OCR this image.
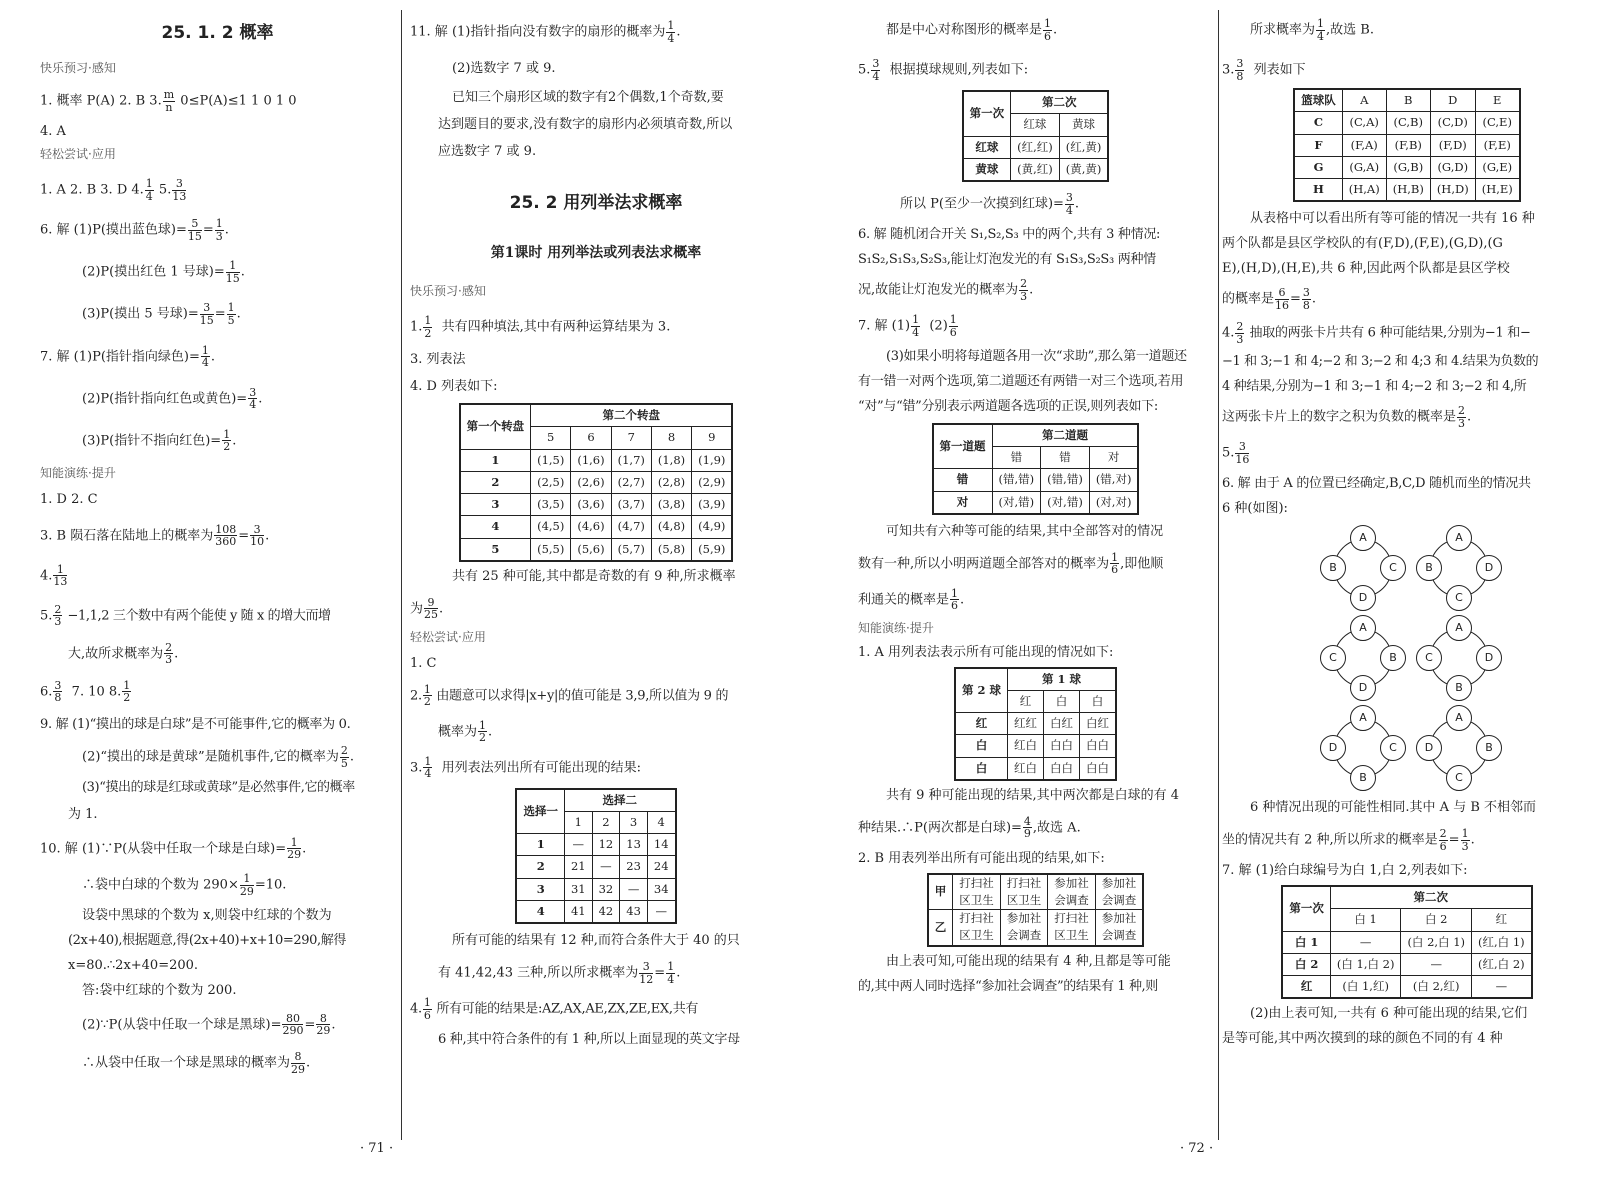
25. 1. 2 概率

快乐预习·感知

1. 概率 P(A) 2. B 3. $\frac{m}{n} 0\le P(A)\le 1$ 1 0 1 0

4. A

轻松尝试·应用

1. A 2. B 3. D 4. $\frac{1}{4} 5$. $\frac{3}{13}$

6. 解 (1)P(摸出蓝色球)= $\frac{5}{15} = \frac{1}{3}$ .

(2)P(摸出红色 1 号球)= $\frac{1}{15}$ .

(3)P(摸出 5 号球)= $\frac{3}{15} = \frac{1}{5}$ .

7. 解 (1)P(指针指向绿色)= $\frac{1}{4}$ .

(2)P(指针指向红色或黄色)= $\frac{3}{4}$ .

(3)P(指针不指向红色)= $\frac{1}{2}$ .

知能演练·提升

1. D 2. C

3. B 陨石落在陆地上的概率为 $\frac{108}{360} = \frac{3}{10}$ .

4. $\frac{1}{13}$

5. $\frac{2}{3} -1,1,2$ 三个数中有两个能使 y 随 x 的增大而增

大,故所求概率为 $\frac{2}{3}$ .

6. $\frac{3}{8} 7$. 10 8. $\frac{1}{2}$

9. 解 (1)“摸出的球是白球”是不可能事件,它的概率为 0.

(2)“摸出的球是黄球”是随机事件,它的概率为 $\frac{2}{5}$ .

(3)“摸出的球是红球或黄球”是必然事件,它的概率

为 1.

10. 解 (1)∵P(从袋中任取一个球是白球)= $\frac{1}{29}$ .

∴袋中白球的个数为 $290\times \frac{1}{29} =10$.

设袋中黑球的个数为 x,则袋中红球的个数为

(2x+40),根据题意,得(2x+40)+x+10=290,解得

x=80.∴2x+40=200.

答:袋中红球的个数为 200.

(2)∵P(从袋中任取一个球是黑球)= $\frac{80}{290} = \frac{8}{29}$ .

∴从袋中任取一个球是黑球的概率为 $\frac{8}{29}$ .

11. 解 (1)指针指向没有数字的扇形的概率为 $\frac{1}{4}$ .

(2)选数字 7 或 9.

已知三个扇形区域的数字有2个偶数,1个奇数,要

达到题目的要求,没有数字的扇形内必须填奇数,所以

应选数字 7 或 9.

25. 2 用列举法求概率

第1课时 用列举法或列表法求概率

快乐预习·感知

1. $\frac{1}{2}$ 共有四种填法,其中有两种运算结果为 3.

3. 列表法

4. D 列表如下:

第一个转盘	第二个转盘				
	5	6	7	8	9
1	(1,5)	(1,6)	(1,7)	(1,8)	(1,9)
2	(2,5)	(2,6)	(2,7)	(2,8)	(2,9)
3	(3,5)	(3,6)	(3,7)	(3,8)	(3,9)
4	(4,5)	(4,6)	(4,7)	(4,8)	(4,9)
5	(5,5)	(5,6)	(5,7)	(5,8)	(5,9)

共有 25 种可能,其中都是奇数的有 9 种,所求概率

为 $\frac{9}{25}$ .

轻松尝试·应用

1. C

2. $\frac{1}{2}$ 由题意可以求得|x+y|的值可能是 3,9,所以值为 9 的

概率为 $\frac{1}{2}$ .

3. $\frac{1}{4}$ 用列表法列出所有可能出现的结果:

选择一	选择二			
	1	2	3	4
1	—	12	13	14
2	21	—	23	24
3	31	32	—	34
4	41	42	43	—

所有可能的结果有 12 种,而符合条件大于 40 的只

有 41,42,43 三种,所以所求概率为 $\frac{3}{12} = \frac{1}{4}$ .

4. $\frac{1}{6}$ 所有可能的结果是:AZ,AX,AE,ZX,ZE,EX,共有

6 种,其中符合条件的有 1 种,所以上面显现的英文字母

· 71 ·

都是中心对称图形的概率是 $\frac{1}{6}$ .

5. $\frac{3}{4}$ 根据摸球规则,列表如下:

第一次	第二次	
	红球	黄球
红球	(红,红)	(红,黄)
黄球	(黄,红)	(黄,黄)

所以 P(至少一次摸到红球)= $\frac{3}{4}$ .

6. 解 随机闭合开关 S₁,S₂,S₃ 中的两个,共有 3 种情况:

S₁S₂,S₁S₃,S₂S₃,能让灯泡发光的有 S₁S₃,S₂S₃ 两种情

况,故能让灯泡发光的概率为 $\frac{2}{3}$ .

7. 解 $(1) \frac{1}{4} (2) \frac{1}{6}$

(3)如果小明将每道题各用一次“求助”,那么第一道题还

有一错一对两个选项,第二道题还有两错一对三个选项,若用

“对”与“错”分别表示两道题各选项的正误,则列表如下:

第一道题	第二道题		
	错	错	对
错	(错,错)	(错,错)	(错,对)
对	(对,错)	(对,错)	(对,对)

可知共有六种等可能的结果,其中全部答对的情况

数有一种,所以小明两道题全部答对的概率为 $\frac{1}{6}$ ,即他顺

利通关的概率是 $\frac{1}{6}$ .

知能演练·提升

1. A 用列表法表示所有可能出现的情况如下:

第 2 球	第 1 球		
	红	白	白
红	红红	白红	白红
白	红白	白白	白白
白	红白	白白	白白

共有 9 种可能出现的结果,其中两次都是白球的有 4

种结果.∴P(两次都是白球)= $\frac{4}{9}$ ,故选 A.

2. B 用表列举出所有可能出现的结果,如下:

甲	打扫社	打扫社	参加社	参加社
	区卫生	区卫生	会调查	会调查
乙	打扫社	参加社	打扫社	参加社
	区卫生	会调查	区卫生	会调查

由上表可知,可能出现的结果有 4 种,且都是等可能

的,其中两人同时选择“参加社会调查”的结果有 1 种,则

所求概率为 $\frac{1}{4}$ ,故选 B.

3. $\frac{3}{8}$ 列表如下

篮球队	A	B	D	E
C	(C,A)	(C,B)	(C,D)	(C,E)
F	(F,A)	(F,B)	(F,D)	(F,E)
G	(G,A)	(G,B)	(G,D)	(G,E)
H	(H,A)	(H,B)	(H,D)	(H,E)

从表格中可以看出所有等可能的情况一共有 16 种

两个队都是县区学校队的有(F,D),(F,E),(G,D),(G

E),(H,D),(H,E),共 6 种,因此两个队都是县区学校

的概率是 $\frac{6}{16} = \frac{3}{8}$ .

4. $\frac{2}{3}$ 抽取的两张卡片共有 6 种可能结果,分别为−1 和−

−1 和 3;−1 和 4;−2 和 3;−2 和 4;3 和 4.结果为负数的

4 种结果,分别为−1 和 3;−1 和 4;−2 和 3;−2 和 4,所

这两张卡片上的数字之积为负数的概率是 $\frac{2}{3}$ .

5. $\frac{3}{16}$

6. 解 由于 A 的位置已经确定,B,C,D 随机而坐的情况共

6 种(如图):

A
B	C
D
A
B	D
C
A
C	B
D
A
C	D
B
A
D	C
B
A
D	B
C

6 种情况出现的可能性相同.其中 A 与 B 不相邻而

坐的情况共有 2 种,所以所求的概率是 $\frac{2}{6} = \frac{1}{3}$ .

7. 解 (1)给白球编号为白 1,白 2,列表如下:

第一次	第二次		
	白 1	白 2	红
白 1	—	(白 2,白 1)	(红,白 1)
白 2	(白 1,白 2)	—	(红,白 2)
红	(白 1,红)	(白 2,红)	—

(2)由上表可知,一共有 6 种可能出现的结果,它们

是等可能,其中两次摸到的球的颜色不同的有 4 种

· 72 ·
